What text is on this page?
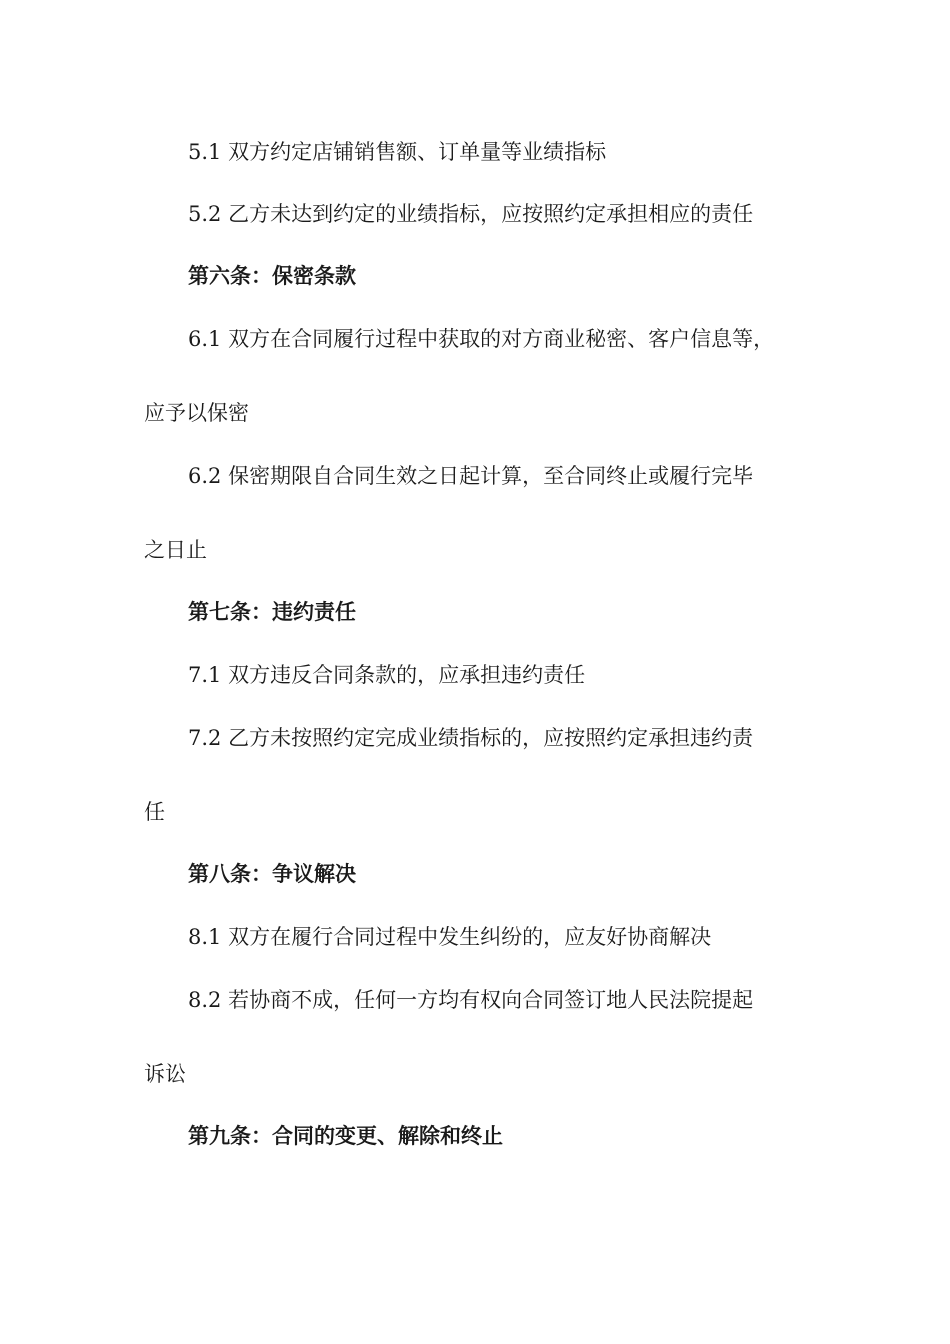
5.1 双方约定店铺销售额、订单量等业绩指标
5.2 乙方未达到约定的业绩指标，应按照约定承担相应的责任
第六条：保密条款
6.1 双方在合同履行过程中获取的对方商业秘密、客户信息等，
应予以保密
6.2 保密期限自合同生效之日起计算，至合同终止或履行完毕
之日止
第七条：违约责任
7.1 双方违反合同条款的，应承担违约责任
7.2 乙方未按照约定完成业绩指标的，应按照约定承担违约责
任
第八条：争议解决
8.1 双方在履行合同过程中发生纠纷的，应友好协商解决
8.2 若协商不成，任何一方均有权向合同签订地人民法院提起
诉讼
第九条：合同的变更、解除和终止
